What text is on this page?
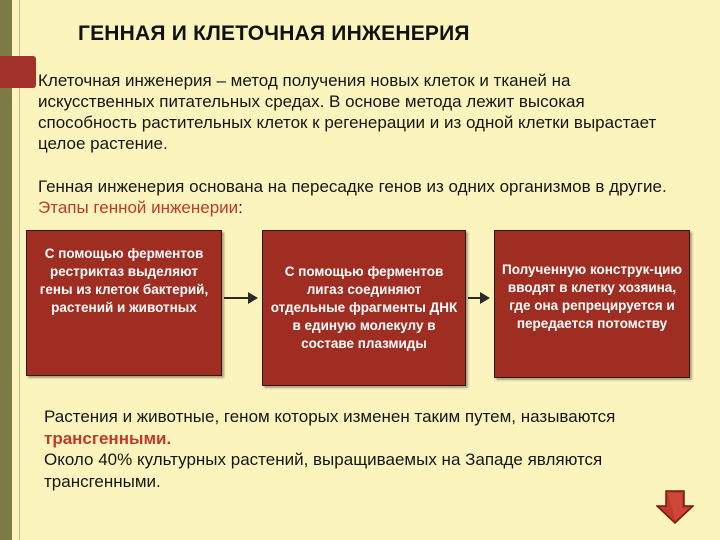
ГЕННАЯ И КЛЕТОЧНАЯ ИНЖЕНЕРИЯ
Клеточная инженерия – метод получения новых клеток и тканей на искусственных питательных средах. В основе метода лежит высокая способность растительных клеток к регенерации и из одной клетки вырастает целое растение.
Генная инженерия основана на пересадке генов из одних организмов в другие. Этапы генной инженерии:
С помощью ферментов рестриктаз выделяют гены из клеток бактерий, растений и животных
С помощью ферментов лигаз соединяют отдельные фрагменты ДНК в единую молекулу в составе плазмиды
Полученную конструк-цию вводят в клетку хозяина, где она репрецируется и передается потомству
Растения и животные, геном которых изменен таким путем, называются трансгенными.
Около 40% культурных растений, выращиваемых на Западе являются трансгенными.
